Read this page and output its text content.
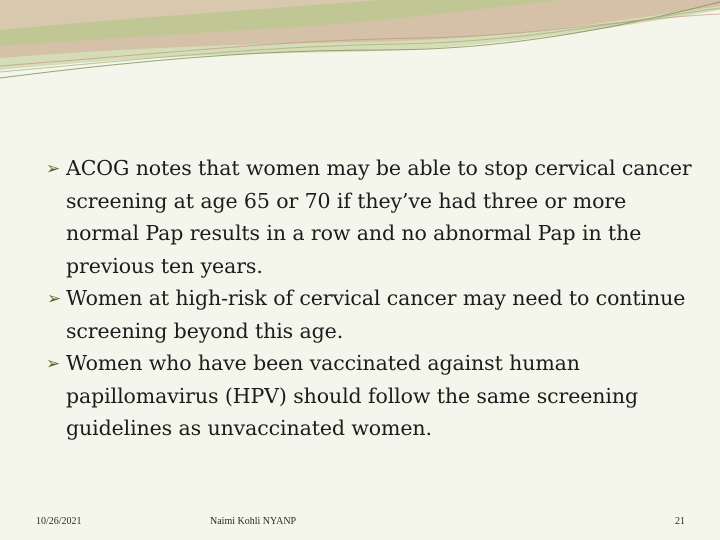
➢ ACOG notes that women may be able to stop cervical cancer screening at age 65 or 70 if they’ve had three or more normal Pap results in a row and no abnormal Pap in the previous ten years.

➢ Women at high-risk of cervical cancer may need to continue screening beyond this age.

➢ Women who have been vaccinated against human papillomavirus (HPV) should follow the same screening guidelines as unvaccinated women.

10/26/2021	Naimi Kohli NYANP	21
